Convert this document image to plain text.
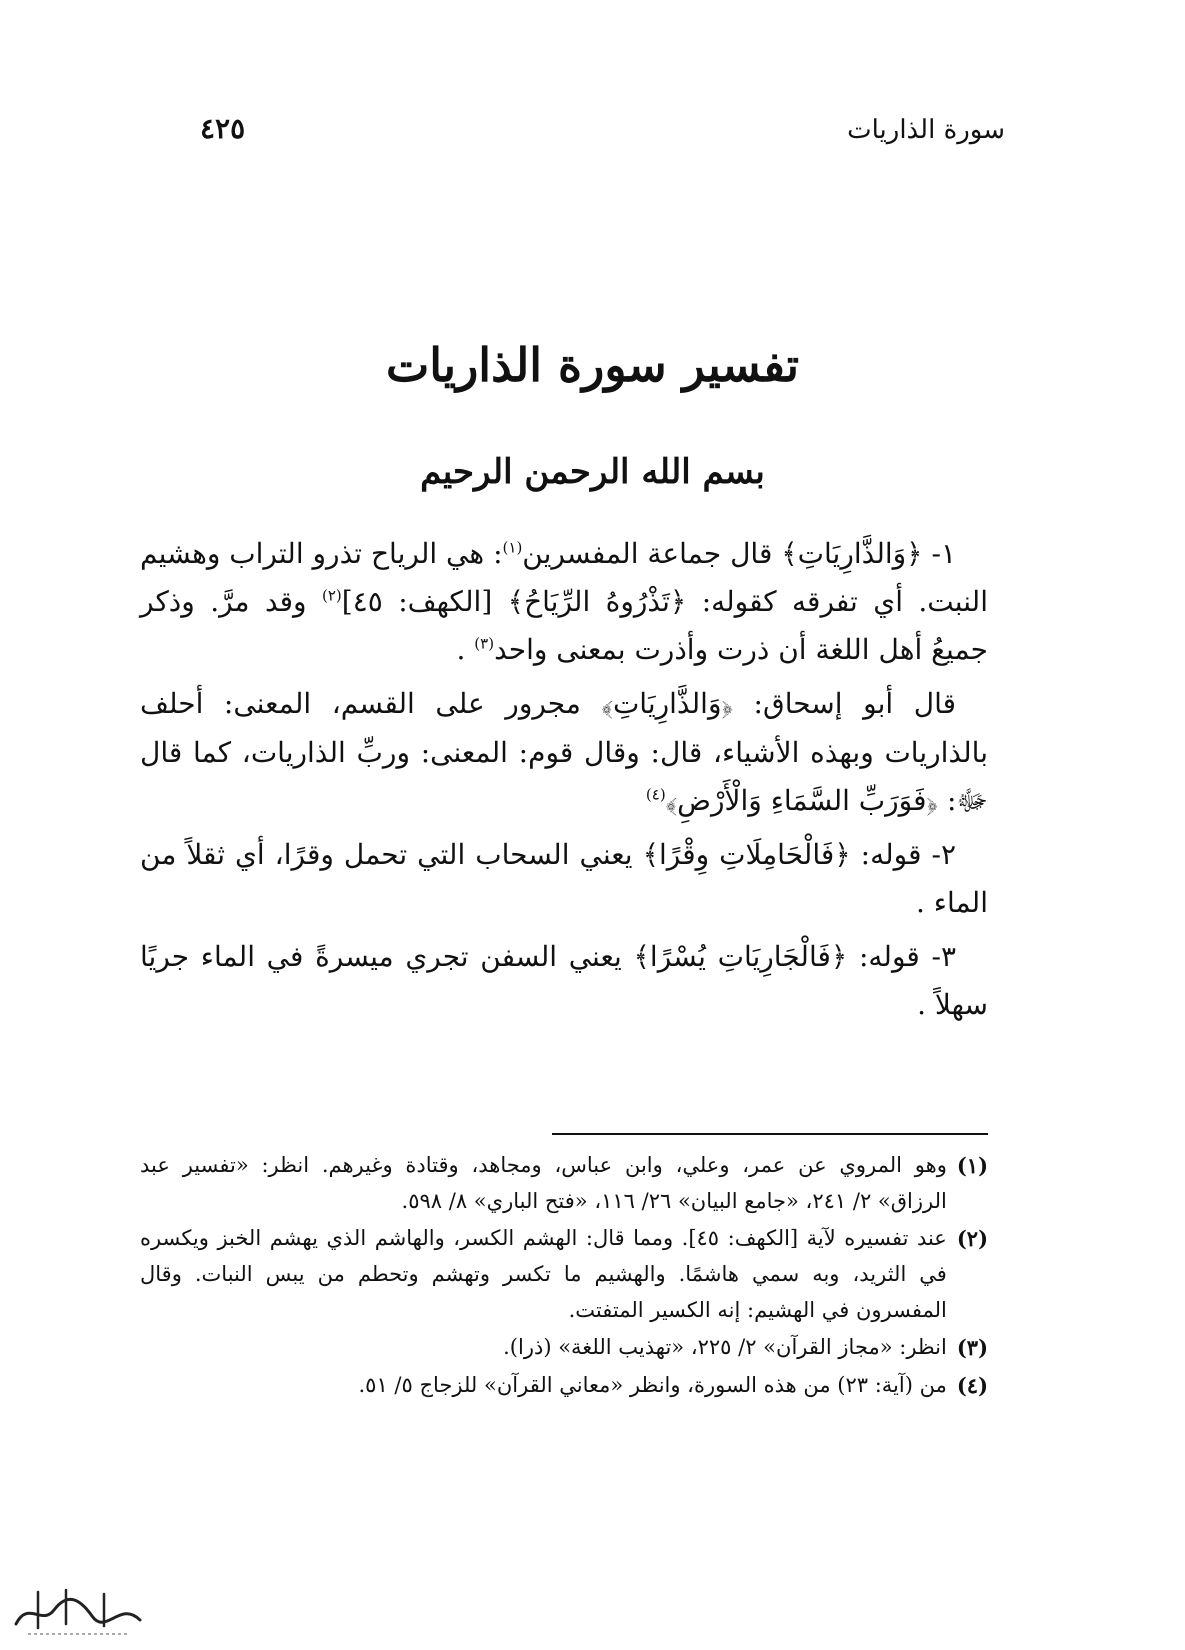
سورة الذاريات
٤٢٥
تفسير سورة الذاريات
بسم الله الرحمن الرحيم

١- ﴿وَالذَّارِيَاتِ﴾ قال جماعة المفسرين$^{(١)}$: هي الرياح تذرو التراب وهشيم النبت. أي تفرقه كقوله: ﴿تَذْرُوهُ الرِّيَاحُ﴾ [الكهف: ٤٥]$^{(٢)}$ وقد مرَّ. وذكر جميعُ أهل اللغة أن ذرت وأذرت بمعنى واحد$^{(٣)}$ .

قال أبو إسحاق: ﴿وَالذَّارِيَاتِ﴾ مجرور على القسم، المعنى: أحلف بالذاريات وبهذه الأشياء، قال: وقال قوم: المعنى: وربِّ الذاريات، كما قال ﷻ: ﴿فَوَرَبِّ السَّمَاءِ وَالْأَرْضِ﴾$^{(٤)}$

٢- قوله: ﴿فَالْحَامِلَاتِ وِقْرًا﴾ يعني السحاب التي تحمل وقرًا، أي ثقلاً من الماء .

٣- قوله: ﴿فَالْجَارِيَاتِ يُسْرًا﴾ يعني السفن تجري ميسرةً في الماء جريًا سهلاً .

(١)
وهو المروي عن عمر، وعلي، وابن عباس، ومجاهد، وقتادة وغيرهم. انظر: «تفسير عبد الرزاق» ٢/ ٢٤١، «جامع البيان» ٢٦/ ١١٦، «فتح الباري» ٨/ ٥٩٨.
(٢)
عند تفسيره لآية [الكهف: ٤٥]. ومما قال: الهشم الكسر، والهاشم الذي يهشم الخبز ويكسره في الثريد، وبه سمي هاشمًا. والهشيم ما تكسر وتهشم وتحطم من يبس النبات. وقال المفسرون في الهشيم: إنه الكسير المتفتت.
(٣)
انظر: «مجاز القرآن» ٢/ ٢٢٥، «تهذيب اللغة» (ذرا).
(٤)
من (آية: ٢٣) من هذه السورة، وانظر «معاني القرآن» للزجاج ٥/ ٥١.
